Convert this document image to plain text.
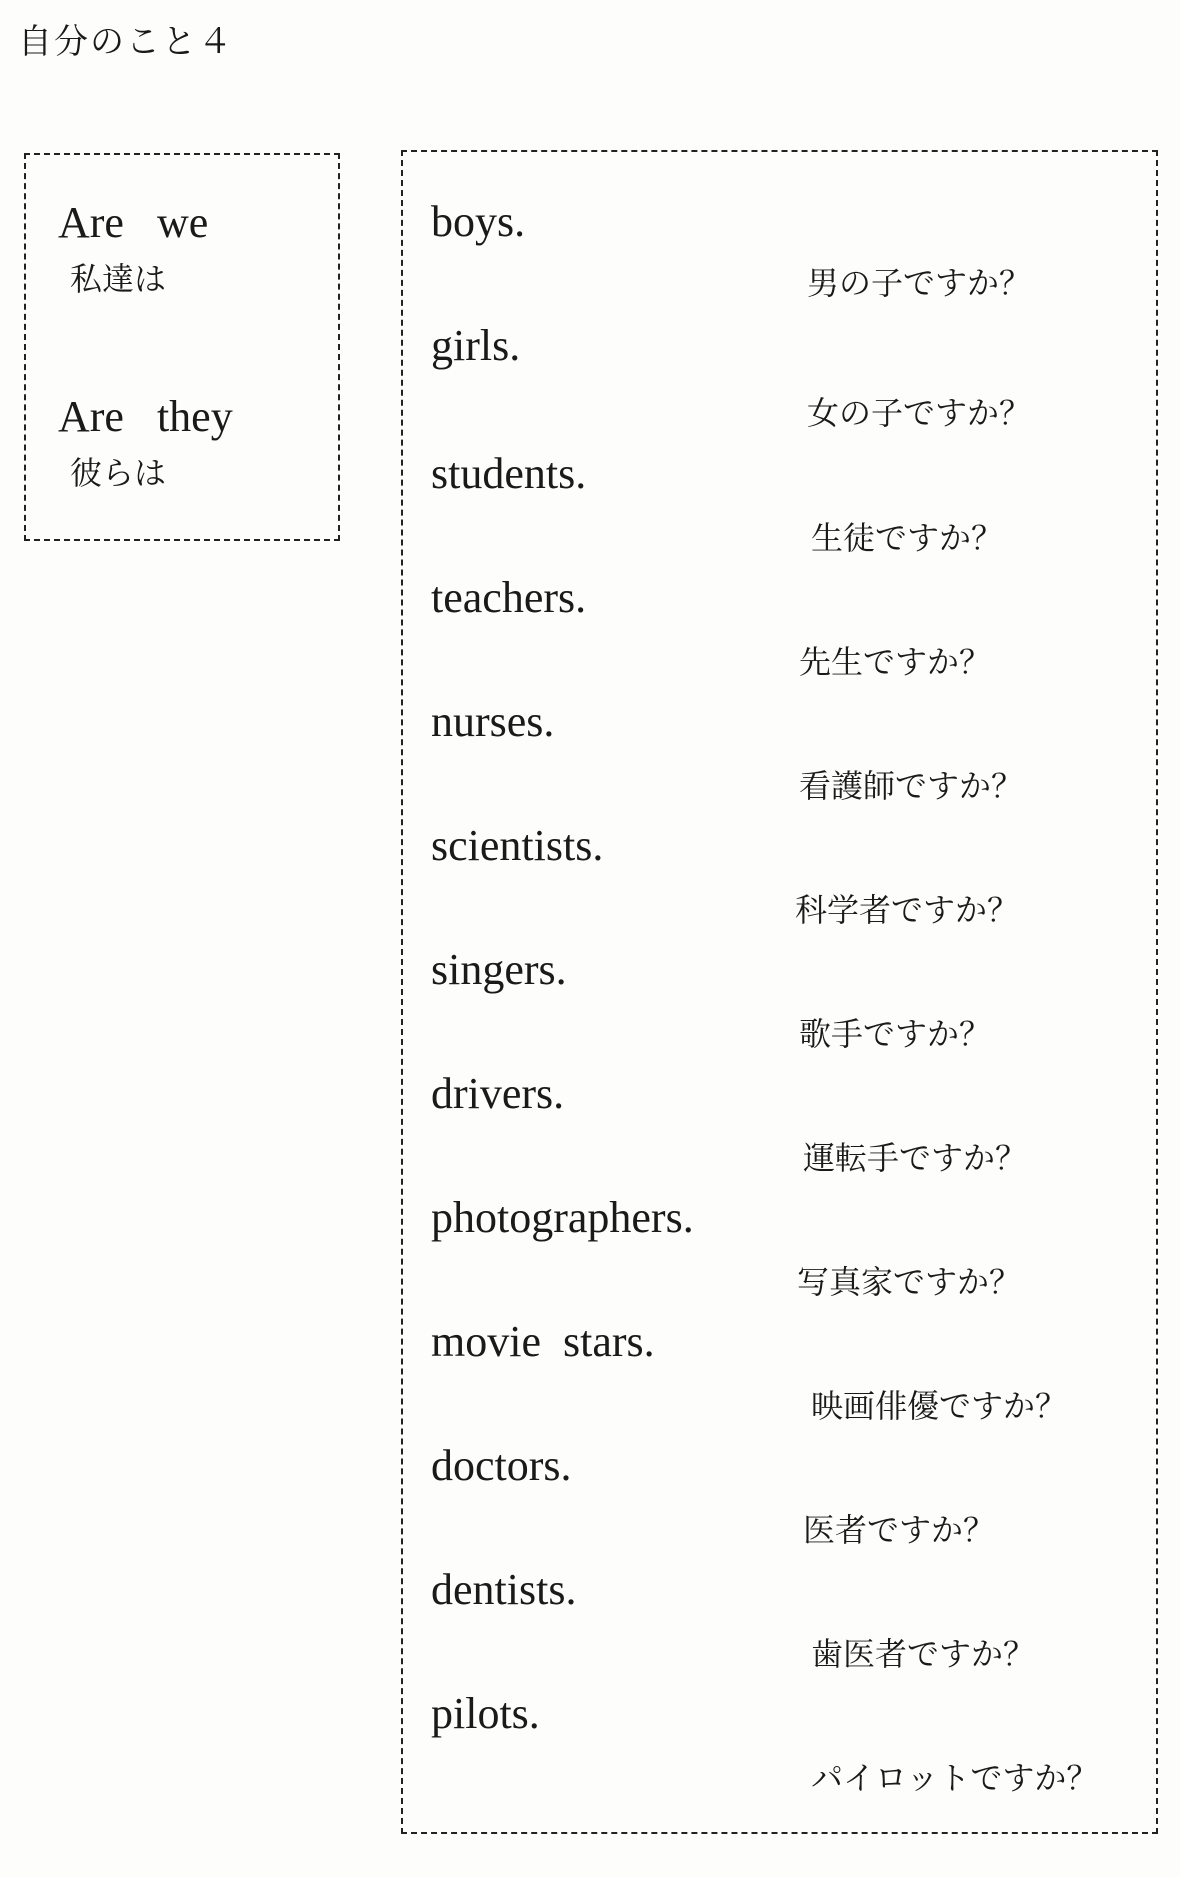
自分のこと４
Are   we
私達は
Are   they
彼らは
boys.
男の子ですか？
girls.
女の子ですか？
students.
生徒ですか？
teachers.
先生ですか？
nurses.
看護師ですか？
scientists.
科学者ですか？
singers.
歌手ですか？
drivers.
運転手ですか？
photographers.
写真家ですか？
movie  stars.
映画俳優ですか？
doctors.
医者ですか？
dentists.
歯医者ですか？
pilots.
パイロットですか？
